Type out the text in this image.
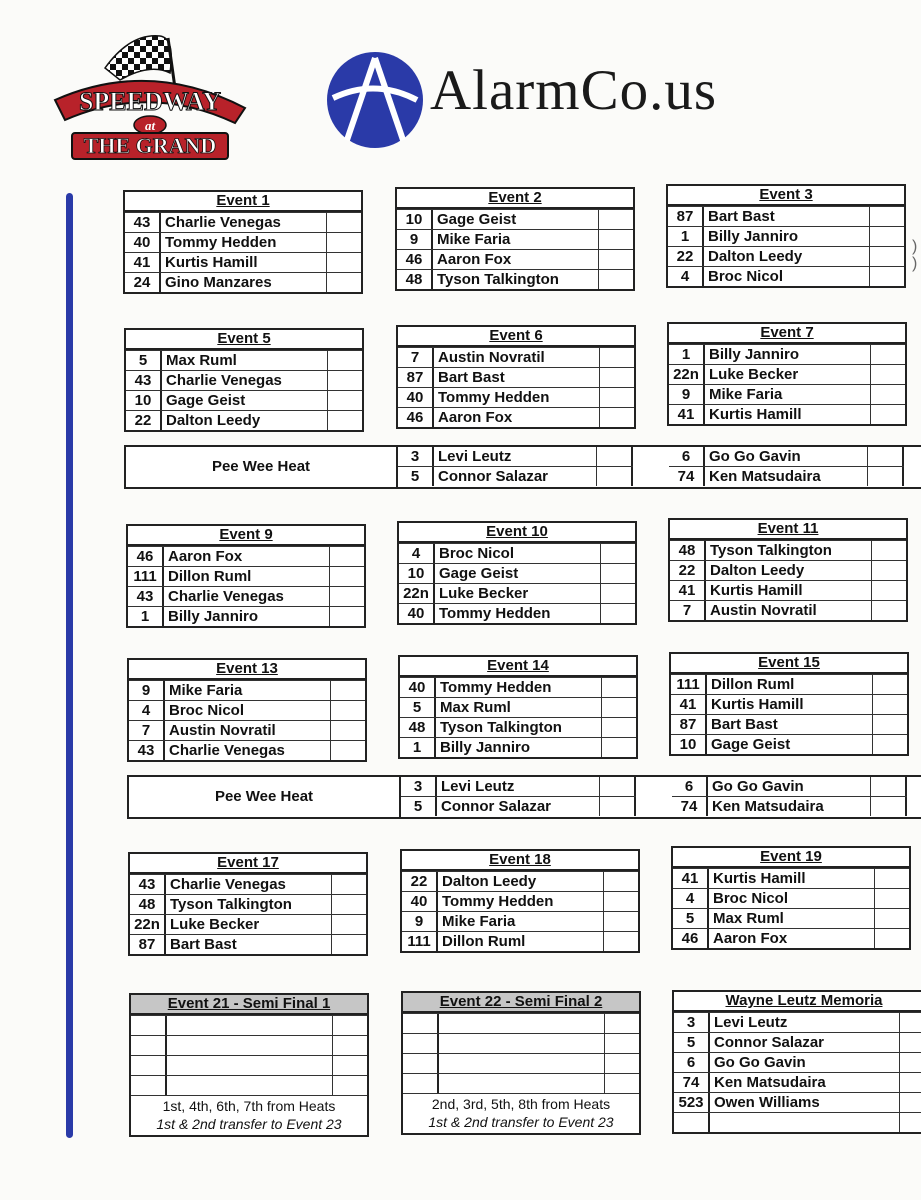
SPEEDWAY
at
THE GRAND
AlarmCo.us
)
)
Event 1
43 Charlie Venegas
40 Tommy Hedden
41 Kurtis Hamill
24 Gino Manzares
Event 2
10 Gage Geist
9	Mike Faria
46 Aaron Fox
48 Tyson Talkington
Event 3
87 Bart Bast
1	Billy Janniro
22 Dalton Leedy
4	Broc Nicol
Event 5
5	Max Ruml
43 Charlie Venegas
10 Gage Geist
22 Dalton Leedy
Event 6
7	Austin Novratil
87 Bart Bast
40 Tommy Hedden
46 Aaron Fox
Event 7
1	Billy Janniro
22n Luke Becker
9	Mike Faria
41 Kurtis Hamill
Event 9
46 Aaron Fox
111 Dillon Ruml
43 Charlie Venegas
1	Billy Janniro
Event 10
4	Broc Nicol
10 Gage Geist
22n Luke Becker
40 Tommy Hedden
Event 11
48 Tyson Talkington
22 Dalton Leedy
41 Kurtis Hamill
7	Austin Novratil
Event 13
9	Mike Faria
4	Broc Nicol
7	Austin Novratil
43 Charlie Venegas
Event 14
40 Tommy Hedden
5	Max Ruml
48 Tyson Talkington
1	Billy Janniro
Event 15
111 Dillon Ruml
41 Kurtis Hamill
87 Bart Bast
10 Gage Geist
Event 17
43 Charlie Venegas
48 Tyson Talkington
22n Luke Becker
87 Bart Bast
Event 18
22 Dalton Leedy
40 Tommy Hedden
9	Mike Faria
111 Dillon Ruml
Event 19
41 Kurtis Hamill
4	Broc Nicol
5	Max Ruml
46 Aaron Fox
Event 21 - Semi Final 1
1st, 4th, 6th, 7th from Heats
1st & 2nd transfer to Event 23
Event 22 - Semi Final 2
2nd, 3rd, 5th, 8th from Heats
1st & 2nd transfer to Event 23
Wayne Leutz Memoria
3	Levi Leutz
5	Connor Salazar
6	Go Go Gavin
74 Ken Matsudaira
523 Owen Williams
Pee Wee Heat
3	Levi Leutz
5	Connor Salazar
6	Go Go Gavin
74 Ken Matsudaira
Pee Wee Heat
3	Levi Leutz
5	Connor Salazar
6	Go Go Gavin
74 Ken Matsudaira
